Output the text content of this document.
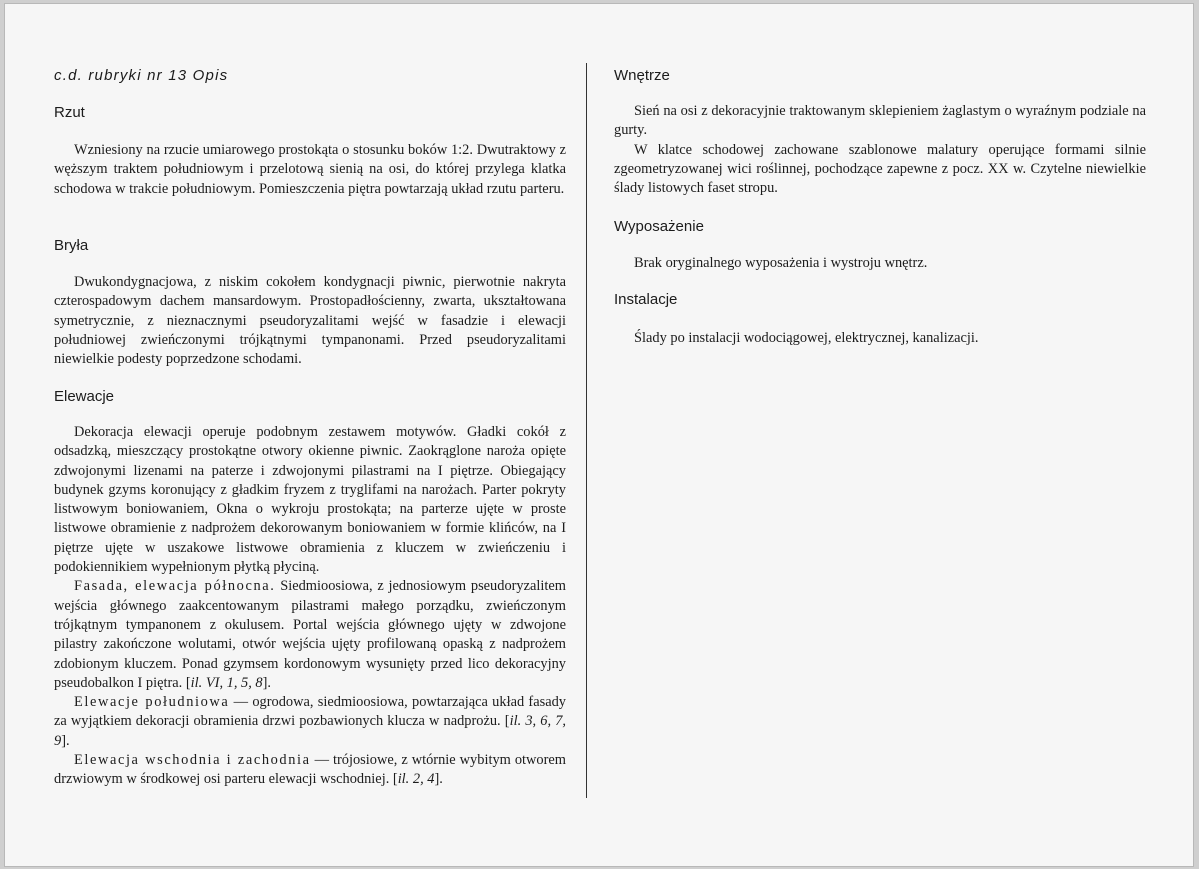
c.d. rubryki nr 13 Opis

Rzut

Wzniesiony na rzucie umiarowego prostokąta o stosunku boków 1:2. Dwutraktowy z węższym traktem południowym i przelotową sienią na osi, do której przylega klatka schodowa w trakcie południowym. Pomieszczenia piętra powtarzają układ rzutu parteru.

Bryła

Dwukondygnacjowa, z niskim cokołem kondygnacji piwnic, pierwotnie nakryta czterospadowym dachem mansardowym. Prostopadłościenny, zwarta, ukształtowana symetrycznie, z nieznacznymi pseudoryzalitami wejść w fasadzie i elewacji południowej zwieńczonymi trójkątnymi tympanonami. Przed pseudoryzalitami niewielkie podesty poprzedzone schodami.

Elewacje
Dekoracja elewacji operuje podobnym zestawem motywów. Gładki cokół z odsadzką, mieszczący prostokątne otwory okienne piwnic. Zaokrąglone naroża opięte zdwojonymi lizenami na paterze i zdwojonymi pilastrami na I piętrze. Obiegający budynek gzyms koronujący z gładkim fryzem z tryglifami na narożach. Parter pokryty listwowym boniowaniem, Okna o wykroju prostokąta; na parterze ujęte w proste listwowe obramienie z nadprożem dekorowanym boniowaniem w formie klińców, na I piętrze ujęte w uszakowe listwowe obramienia z kluczem w zwieńczeniu i podokiennikiem wypełnionym płytką płyciną.
Fasada, elewacja północna. Siedmioosiowa, z jednosiowym pseudoryzalitem wejścia głównego zaakcentowanym pilastrami małego porządku, zwieńczonym trójkątnym tympanonem z okulusem. Portal wejścia głównego ujęty w zdwojone pilastry zakończone wolutami, otwór wejścia ujęty profilowaną opaską z nadprożem zdobionym kluczem. Ponad gzymsem kordonowym wysunięty przed lico dekoracyjny pseudobalkon I piętra. [il. VI, 1, 5, 8].
Elewacje południowa — ogrodowa, siedmioosiowa, powtarzająca układ fasady za wyjątkiem dekoracji obramienia drzwi pozbawionych klucza w nadprożu. [il. 3, 6, 7, 9].
Elewacja wschodnia i zachodnia — trójosiowe, z wtórnie wybitym otworem drzwiowym w środkowej osi parteru elewacji wschodniej. [il. 2, 4].
Wnętrze
Sień na osi z dekoracyjnie traktowanym sklepieniem żaglastym o wyraźnym podziale na gurty.
W klatce schodowej zachowane szablonowe malatury operujące formami silnie zgeometryzowanej wici roślinnej, pochodzące zapewne z pocz. XX w. Czytelne niewielkie ślady listowych faset stropu.
Wyposażenie

Brak oryginalnego wyposażenia i wystroju wnętrz.

Instalacje

Ślady po instalacji wodociągowej, elektrycznej, kanalizacji.
